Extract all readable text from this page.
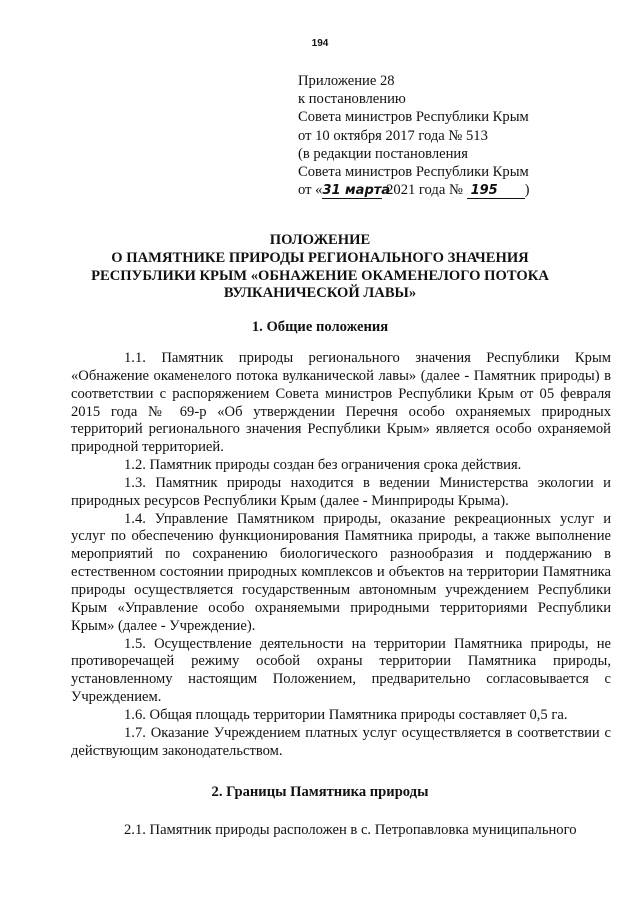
194
Приложение 28
к постановлению
Совета министров Республики Крым
от 10 октября 2017 года № 513
(в редакции постановления
Совета министров Республики Крым
от «31 марта 2021 года № 195 )
ПОЛОЖЕНИЕ
О ПАМЯТНИКЕ ПРИРОДЫ РЕГИОНАЛЬНОГО ЗНАЧЕНИЯ
РЕСПУБЛИКИ КРЫМ «ОБНАЖЕНИЕ ОКАМЕНЕЛОГО ПОТОКА
ВУЛКАНИЧЕСКОЙ ЛАВЫ»
1. Общие положения

1.1. Памятник природы регионального значения Республики Крым «Обнажение окаменелого потока вулканической лавы» (далее - Памятник природы) в соответствии с распоряжением Совета министров Республики Крым от 05 февраля 2015 года № 69-р «Об утверждении Перечня особо охраняемых природных территорий регионального значения Республики Крым» является особо охраняемой природной территорией.

1.2. Памятник природы создан без ограничения срока действия.

1.3. Памятник природы находится в ведении Министерства экологии и природных ресурсов Республики Крым (далее - Минприроды Крыма).

1.4. Управление Памятником природы, оказание рекреационных услуг и услуг по обеспечению функционирования Памятника природы, а также выполнение мероприятий по сохранению биологического разнообразия и поддержанию в естественном состоянии природных комплексов и объектов на территории Памятника природы осуществляется государственным автономным учреждением Республики Крым «Управление особо охраняемыми природными территориями Республики Крым» (далее - Учреждение).

1.5. Осуществление деятельности на территории Памятника природы, не противоречащей режиму особой охраны территории Памятника природы, установленному настоящим Положением, предварительно согласовывается с Учреждением.

1.6. Общая площадь территории Памятника природы составляет 0,5 га.

1.7. Оказание Учреждением платных услуг осуществляется в соответствии с действующим законодательством.

2. Границы Памятника природы

2.1. Памятник природы расположен в с. Петропавловка муниципального
